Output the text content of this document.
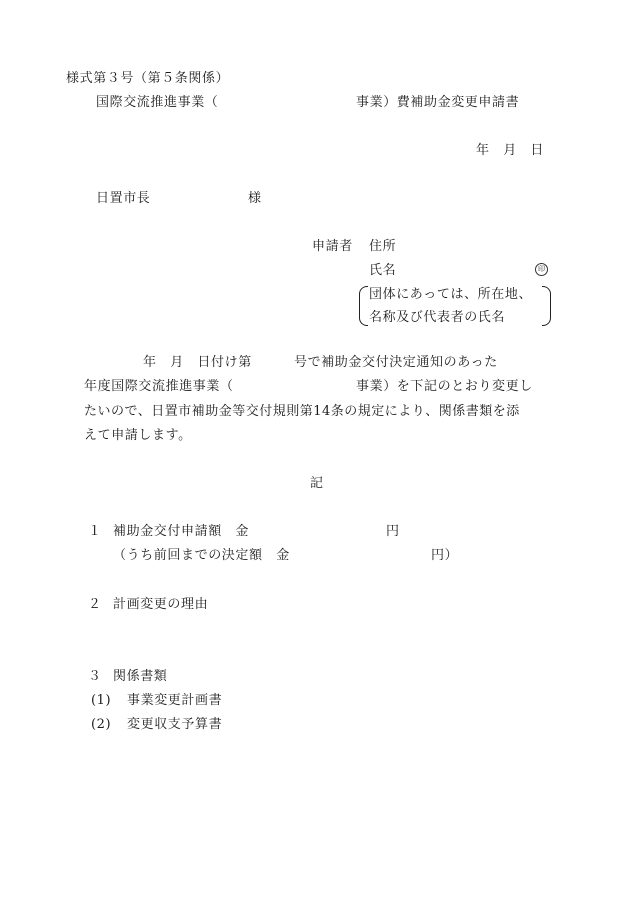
様式第３号（第５条関係）
国際交流推進事業（	事業）費補助金変更申請書
年　月　日
日置市長	様
申請者 住所
氏名	印
団体にあっては、所在地、
名称及び代表者の氏名
年　月　日付け第	号で補助金交付決定通知のあった
年度国際交流推進事業（	事業）を下記のとおり変更し
たいので、日置市補助金等交付規則第14条の規定により、関係書類を添
えて申請します。
記
１ 補助金交付申請額　金	円
（うち前回までの決定額　金	円）
２ 計画変更の理由
３ 関係書類
(1) 事業変更計画書
(2) 変更収支予算書
